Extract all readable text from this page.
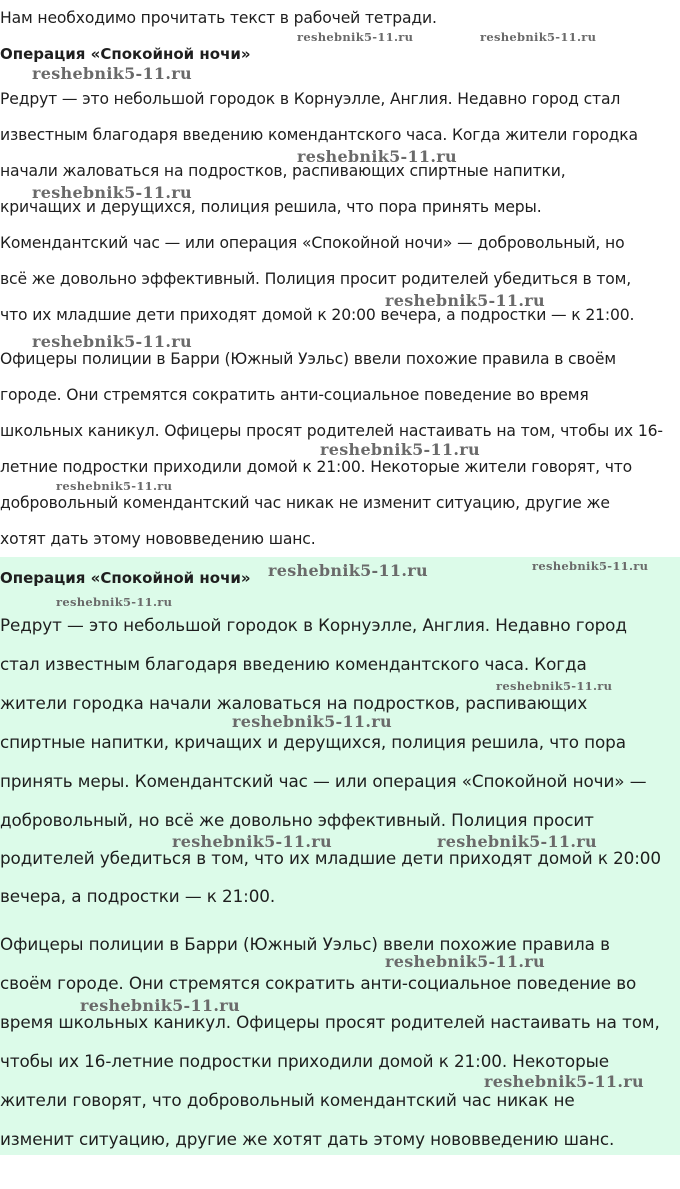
Нам необходимо прочитать текст в рабочей тетради.
Операция «Спокойной ночи»
Редрут — это небольшой городок в Корнуэлле, Англия. Недавно город стал
известным благодаря введению комендантского часа. Когда жители городка
начали жаловаться на подростков, распивающих спиртные напитки,
кричащих и дерущихся, полиция решила, что пора принять меры.
Комендантский час — или операция «Спокойной ночи» — добровольный, но
всё же довольно эффективный. Полиция просит родителей убедиться в том,
что их младшие дети приходят домой к 20:00 вечера, а подростки — к 21:00.
Офицеры полиции в Барри (Южный Уэльс) ввели похожие правила в своём
городе. Они стремятся сократить анти-социальное поведение во время
школьных каникул. Офицеры просят родителей настаивать на том, чтобы их 16-
летние подростки приходили домой к 21:00. Некоторые жители говорят, что
добровольный комендантский час никак не изменит ситуацию, другие же
хотят дать этому нововведению шанс.
reshebnik5-11.ru	reshebnik5-11.ru
reshebnik5-11.ru
reshebnik5-11.ru
reshebnik5-11.ru
reshebnik5-11.ru
reshebnik5-11.ru
reshebnik5-11.ru
reshebnik5-11.ru
Операция «Спокойной ночи»
Редрут — это небольшой городок в Корнуэлле, Англия. Недавно город
стал известным благодаря введению комендантского часа. Когда
жители городка начали жаловаться на подростков, распивающих
спиртные напитки, кричащих и дерущихся, полиция решила, что пора
принять меры. Комендантский час — или операция «Спокойной ночи» —
добровольный, но всё же довольно эффективный. Полиция просит
родителей убедиться в том, что их младшие дети приходят домой к 20:00
вечера, а подростки — к 21:00.
Офицеры полиции в Барри (Южный Уэльс) ввели похожие правила в
своём городе. Они стремятся сократить анти-социальное поведение во
время школьных каникул. Офицеры просят родителей настаивать на том,
чтобы их 16-летние подростки приходили домой к 21:00. Некоторые
жители говорят, что добровольный комендантский час никак не
изменит ситуацию, другие же хотят дать этому нововведению шанс.
reshebnik5-11.ru	reshebnik5-11.ru
reshebnik5-11.ru
reshebnik5-11.ru
reshebnik5-11.ru
reshebnik5-11.ru	reshebnik5-11.ru
reshebnik5-11.ru
reshebnik5-11.ru
reshebnik5-11.ru
